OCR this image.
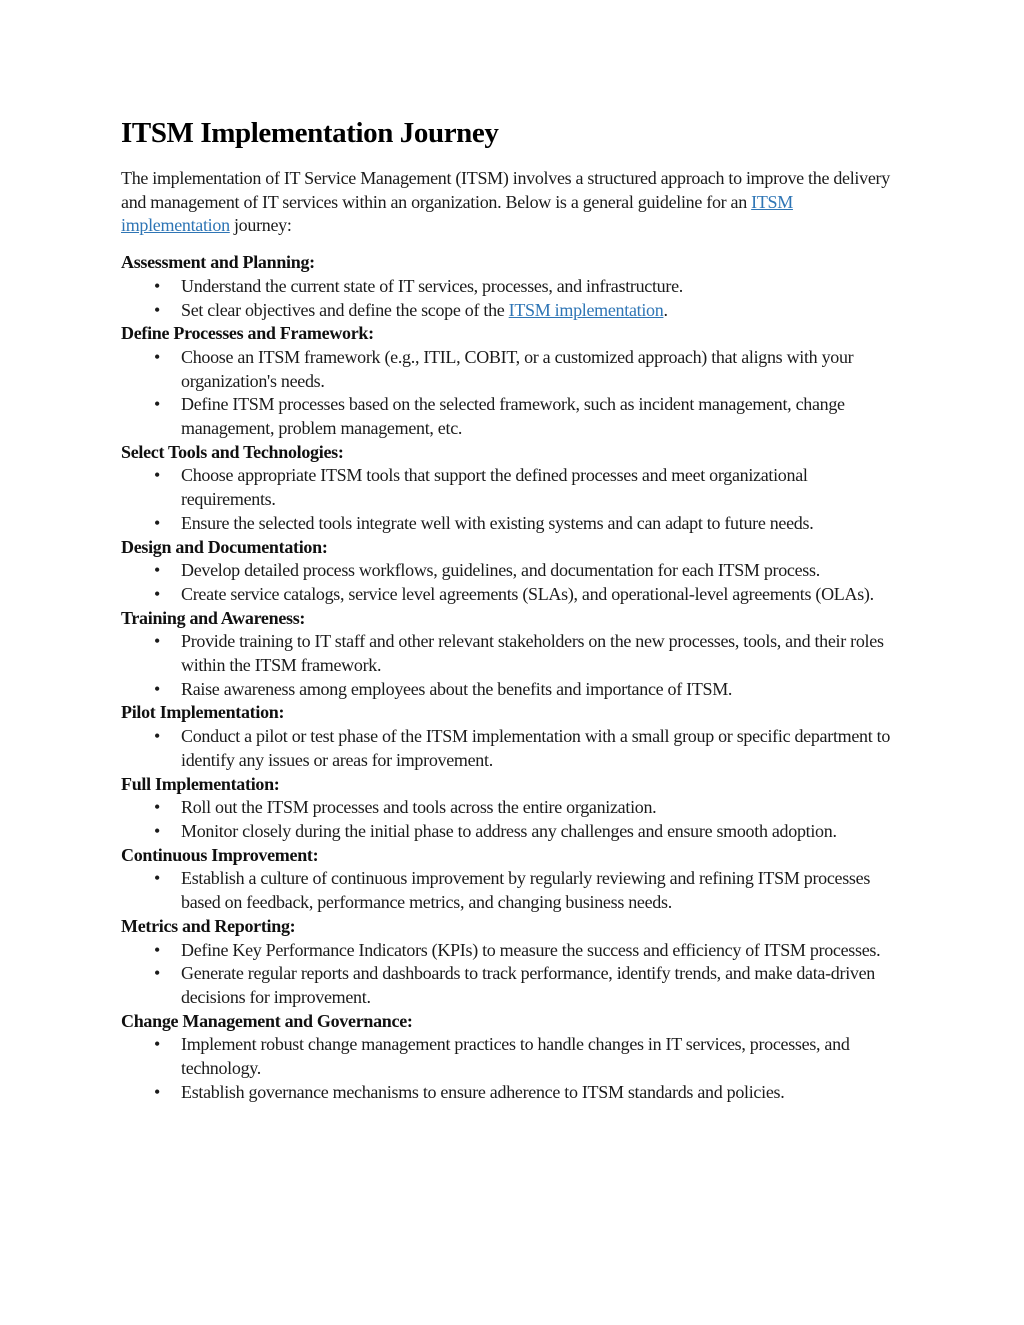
ITSM Implementation Journey

The implementation of IT Service Management (ITSM) involves a structured approach to improve the delivery and management of IT services within an organization. Below is a general guideline for an ITSM implementation journey:

Assessment and Planning:
• Understand the current state of IT services, processes, and infrastructure.
• Set clear objectives and define the scope of the ITSM implementation.
Define Processes and Framework:
• Choose an ITSM framework (e.g., ITIL, COBIT, or a customized approach) that aligns with your organization's needs.
• Define ITSM processes based on the selected framework, such as incident management, change management, problem management, etc.
Select Tools and Technologies:
• Choose appropriate ITSM tools that support the defined processes and meet organizational requirements.
• Ensure the selected tools integrate well with existing systems and can adapt to future needs.
Design and Documentation:
• Develop detailed process workflows, guidelines, and documentation for each ITSM process.
• Create service catalogs, service level agreements (SLAs), and operational-level agreements (OLAs).
Training and Awareness:
• Provide training to IT staff and other relevant stakeholders on the new processes, tools, and their roles within the ITSM framework.
• Raise awareness among employees about the benefits and importance of ITSM.
Pilot Implementation:
• Conduct a pilot or test phase of the ITSM implementation with a small group or specific department to identify any issues or areas for improvement.
Full Implementation:
• Roll out the ITSM processes and tools across the entire organization.
• Monitor closely during the initial phase to address any challenges and ensure smooth adoption.
Continuous Improvement:
• Establish a culture of continuous improvement by regularly reviewing and refining ITSM processes based on feedback, performance metrics, and changing business needs.
Metrics and Reporting:
• Define Key Performance Indicators (KPIs) to measure the success and efficiency of ITSM processes.
• Generate regular reports and dashboards to track performance, identify trends, and make data-driven decisions for improvement.
Change Management and Governance:
• Implement robust change management practices to handle changes in IT services, processes, and technology.
• Establish governance mechanisms to ensure adherence to ITSM standards and policies.
